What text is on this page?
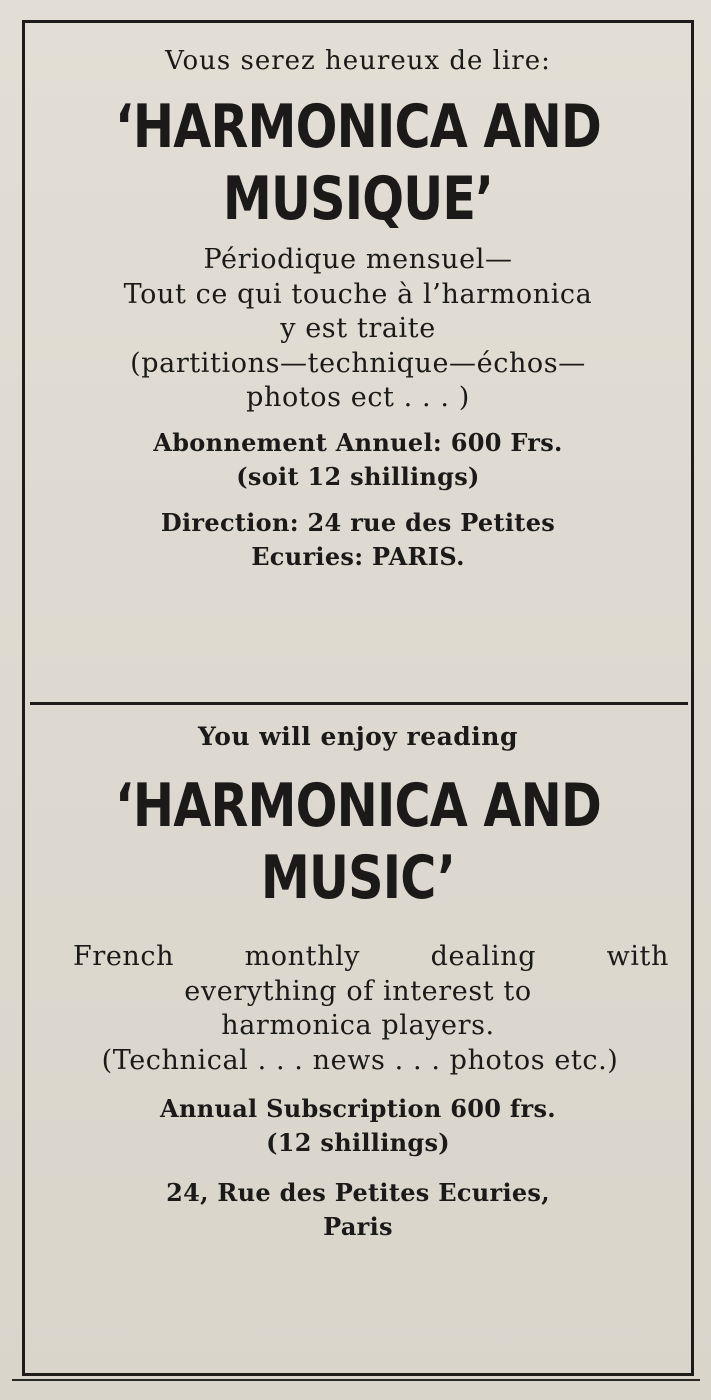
Vous serez heureux de lire:

‘HARMONICA AND
MUSIQUE’
Périodique mensuel—
Tout ce qui touche à l’harmonica
y est traite
(partitions—technique—échos—
photos ect . . . )
Abonnement Annuel: 600 Frs.
(soit 12 shillings)
Direction: 24 rue des Petites
Ecuries: PARIS.

You will enjoy reading

‘HARMONICA AND
MUSIC’
French monthly dealing with
everything of interest to
harmonica players.
(Technical . . . news . . . photos etc.)
Annual Subscription 600 frs.
(12 shillings)
24, Rue des Petites Ecuries,
Paris
